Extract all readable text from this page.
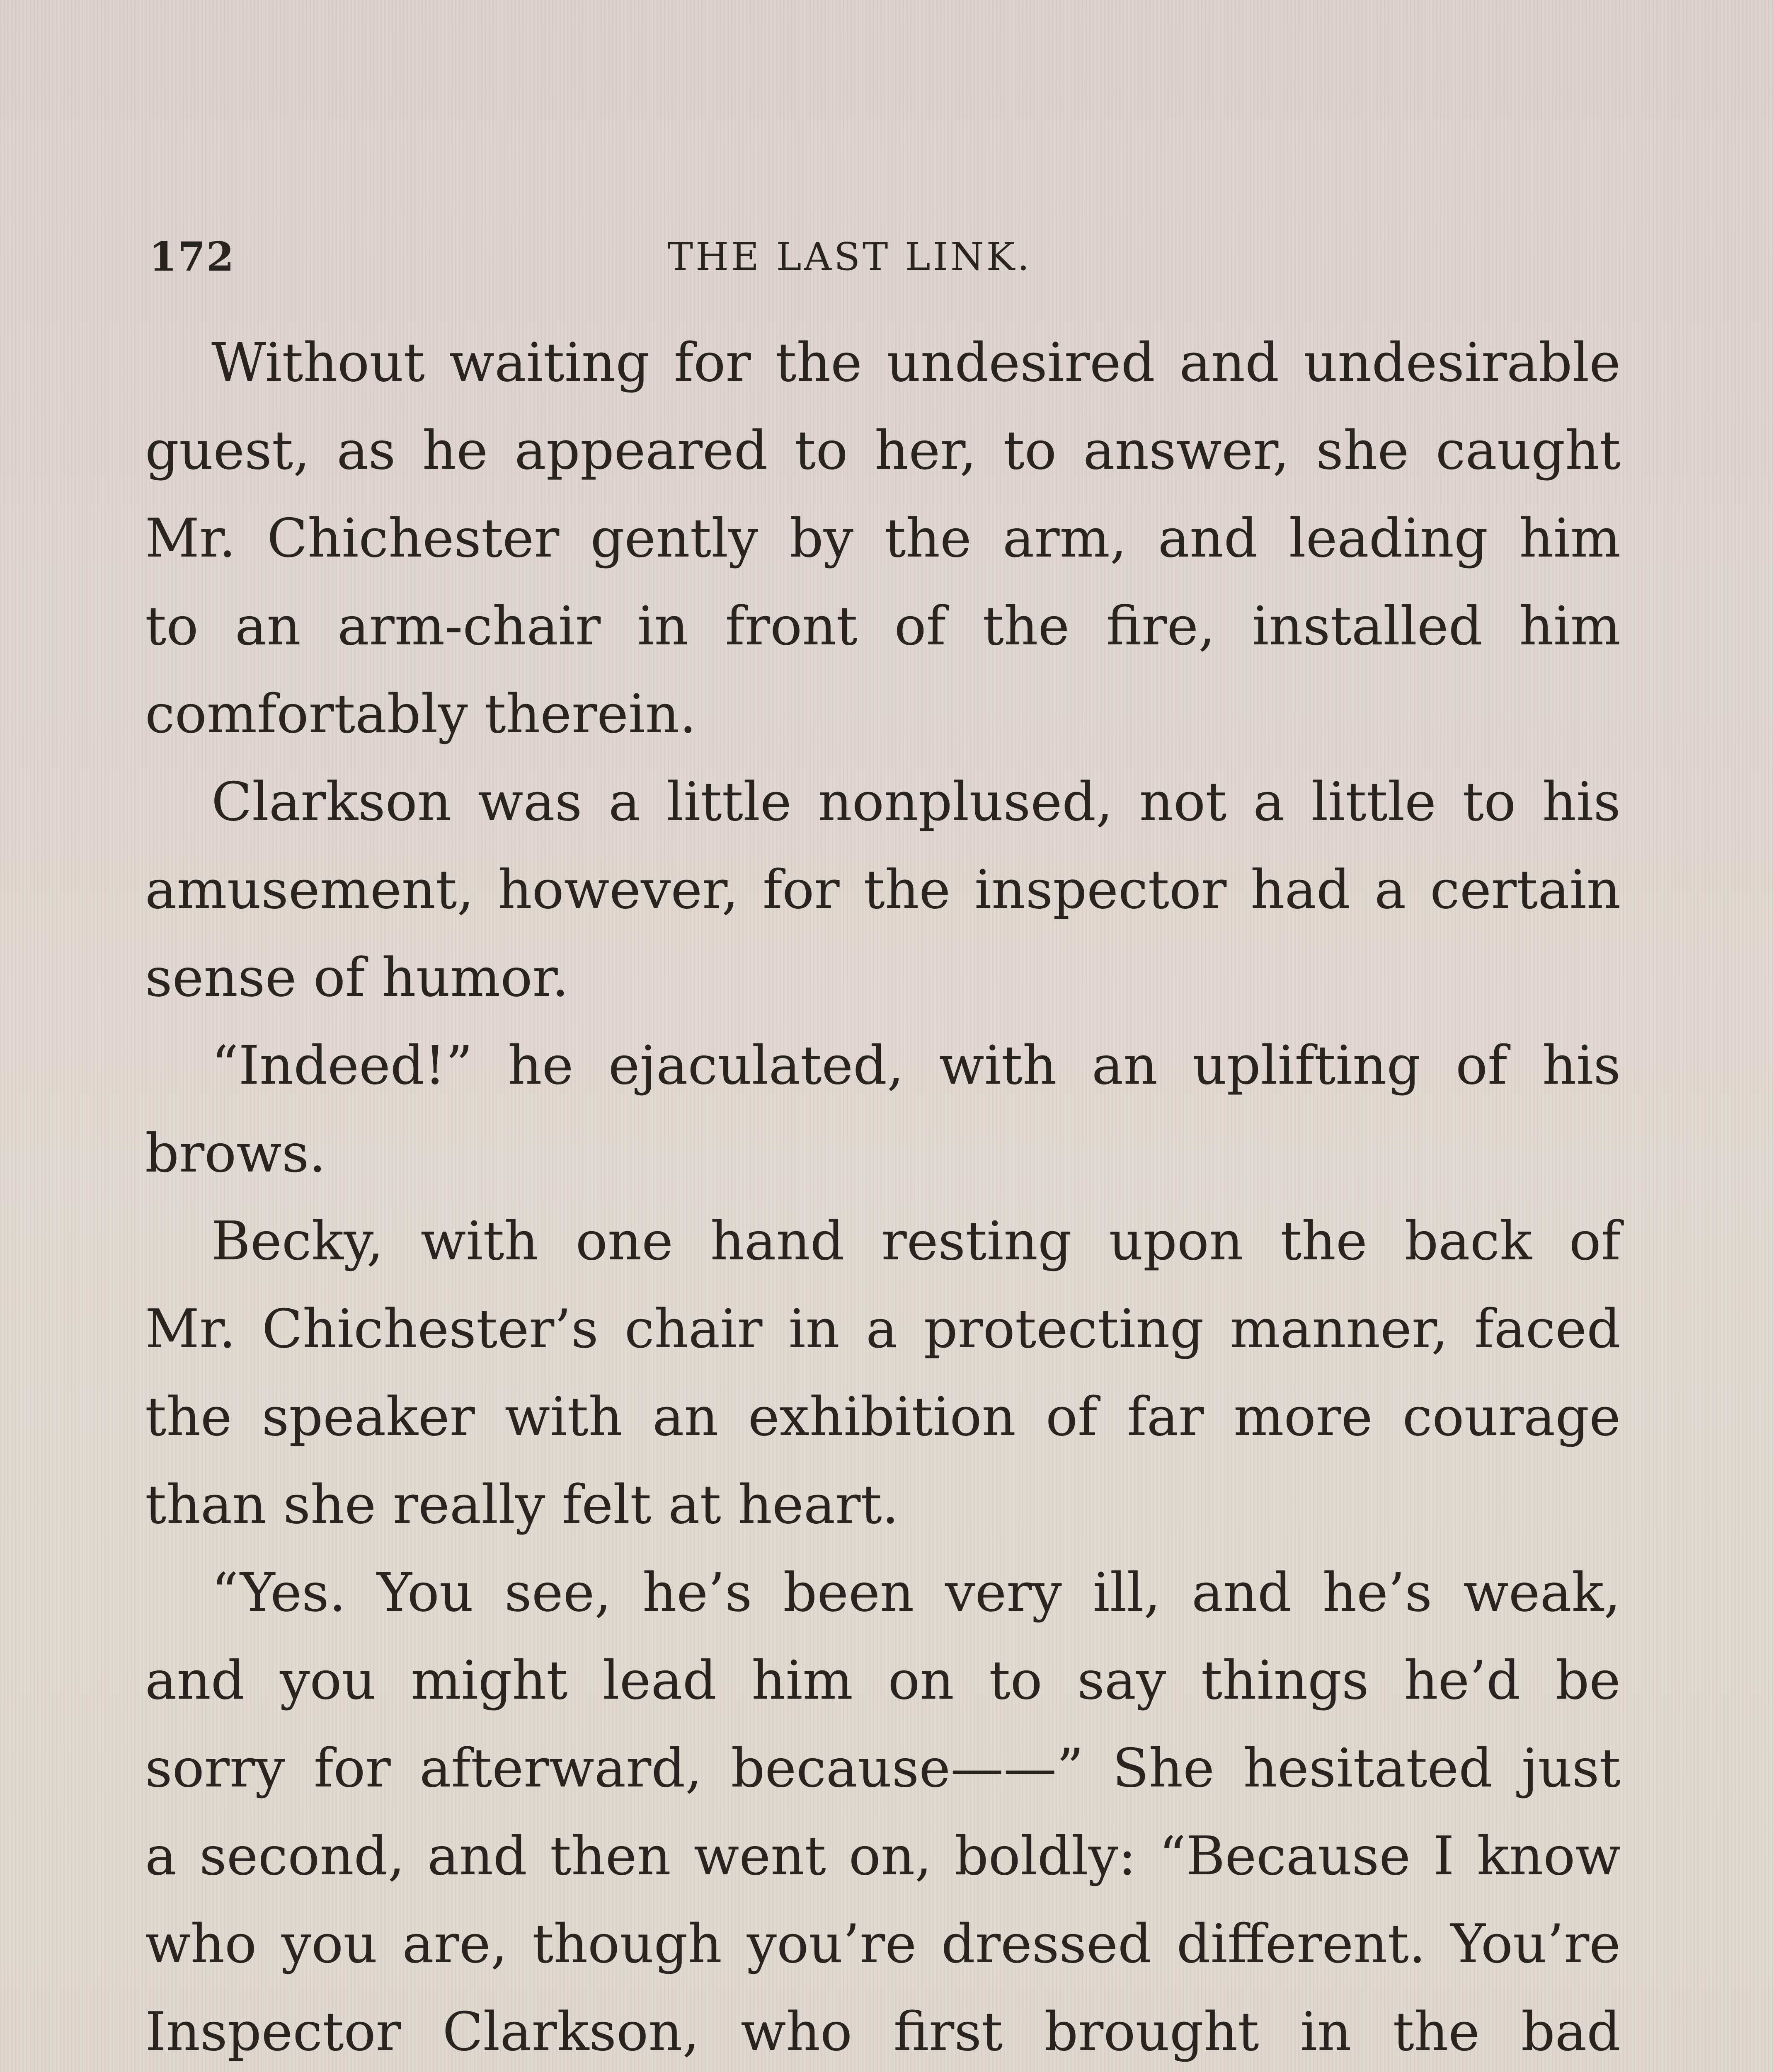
172	THE LAST LINK.
Without waiting for the undesired and undesirable
guest, as he appeared to her, to answer, she caught
Mr. Chichester gently by the arm, and leading him
to an arm-chair in front of the fire, installed him
comfortably therein.
Clarkson was a little nonplused, not a little to his
amusement, however, for the inspector had a certain
sense of humor.
“Indeed!” he ejaculated, with an uplifting of his
brows.
Becky, with one hand resting upon the back of
Mr. Chichester’s chair in a protecting manner, faced
the speaker with an exhibition of far more courage
than she really felt at heart.
“Yes. You see, he’s been very ill, and he’s weak,
and you might lead him on to say things he’d be
sorry for afterward, because——” She hesitated just
a second, and then went on, boldly: “Because I know
who you are, though you’re dressed different. You’re
Inspector Clarkson, who first brought in the bad
